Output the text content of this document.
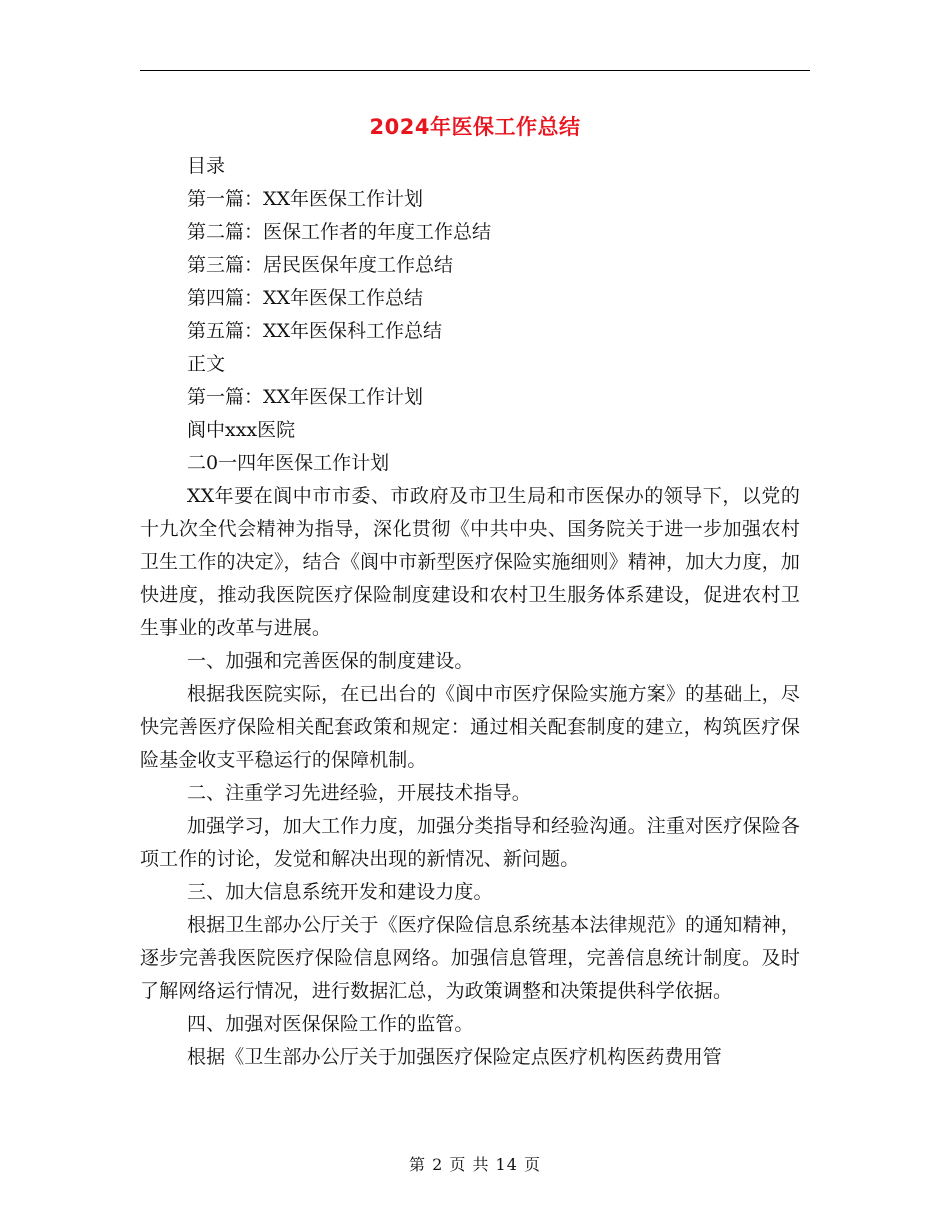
2024年医保工作总结
目录
第一篇：XX年医保工作计划
第二篇：医保工作者的年度工作总结
第三篇：居民医保年度工作总结
第四篇：XX年医保工作总结
第五篇：XX年医保科工作总结
正文
第一篇：XX年医保工作计划
阆中xxx医院
二0一四年医保工作计划
XX年要在阆中市市委、市政府及市卫生局和市医保办的领导下，以党的十九次全代会精神为指导，深化贯彻《中共中央、国务院关于进一步加强农村卫生工作的决定》，结合《阆中市新型医疗保险实施细则》精神，加大力度，加快进度，推动我医院医疗保险制度建设和农村卫生服务体系建设，促进农村卫生事业的改革与进展。
一、加强和完善医保的制度建设。
根据我医院实际，在已出台的《阆中市医疗保险实施方案》的基础上，尽快完善医疗保险相关配套政策和规定：通过相关配套制度的建立，构筑医疗保险基金收支平稳运行的保障机制。
二、注重学习先进经验，开展技术指导。
加强学习，加大工作力度，加强分类指导和经验沟通。注重对医疗保险各项工作的讨论，发觉和解决出现的新情况、新问题。
三、加大信息系统开发和建设力度。
根据卫生部办公厅关于《医疗保险信息系统基本法律规范》的通知精神，逐步完善我医院医疗保险信息网络。加强信息管理，完善信息统计制度。及时了解网络运行情况，进行数据汇总，为政策调整和决策提供科学依据。
四、加强对医保保险工作的监管。
根据《卫生部办公厅关于加强医疗保险定点医疗机构医药费用管
第 2 页 共 14 页
